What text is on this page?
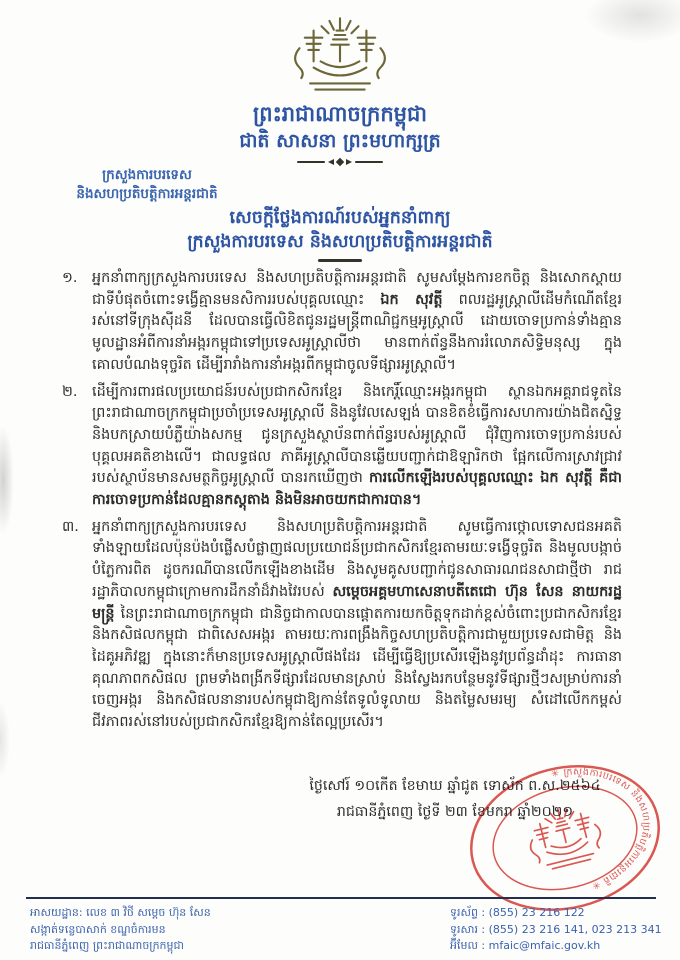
ព្រះរាជាណាចក្រកម្ពុជា
ជាតិ សាសនា ព្រះមហាក្សត្រ
ក្រសួងការបរទេស
និងសហប្រតិបត្តិការអន្តរជាតិ
សេចក្តីថ្លែងការណ៍របស់អ្នកនាំពាក្យ
ក្រសួងការបរទេស និងសហប្រតិបត្តិការអន្តរជាតិ
១.	អ្នកនាំពាក្យក្រសួងការបរទេស និងសហប្រតិបត្តិការអន្តរជាតិ សូមសម្តែងការខកចិត្ត និងសោកស្តាយជាទីបំផុតចំពោះទង្វើគ្មានមនសិការរបស់បុគ្គលឈ្មោះ ឯក សុវត្តី ពលរដ្ឋអូស្ត្រាលីដើមកំណើតខ្មែរ រស់នៅទីក្រុងស៊ីដនី ដែលបានធ្វើលិខិតជូនរដ្ឋមន្ត្រីពាណិជ្ជកម្មអូស្ត្រាលី ដោយចោទប្រកាន់ទាំងគ្មានមូលដ្ឋានអំពីការនាំអង្ករកម្ពុជាទៅប្រទេសអូស្ត្រាលីថា មានពាក់ព័ន្ធនឹងការរំលោភសិទ្ធិមនុស្ស ក្នុងគោលបំណងទុច្ចរិត ដើម្បីរារាំងការនាំអង្ករពីកម្ពុជាចូលទីផ្សារអូស្ត្រាលី។
២.	ដើម្បីការពារផលប្រយោជន៍របស់ប្រជាកសិករខ្មែរ និងកេរ្តិ៍ឈ្មោះអង្ករកម្ពុជា ស្ថានឯកអគ្គរាជទូតនៃព្រះរាជាណាចក្រកម្ពុជាប្រចាំប្រទេសអូស្ត្រាលី និងនូវែលសេឡង់ បានខិតខំធ្វើការសហការយ៉ាងជិតស្និទ្ធ និងបកស្រាយបំភ្លឺយ៉ាងសកម្ម ជូនក្រសួងស្ថាប័នពាក់ព័ន្ធរបស់អូស្ត្រាលី ជុំវិញការចោទប្រកាន់របស់បុគ្គលអគតិខាងលើ។ ជាលទ្ធផល ភាគីអូស្ត្រាលីបានឆ្លើយបញ្ជាក់ជាឱឡារិកថា ផ្អែកលើការស្រាវជ្រាវរបស់ស្ថាប័នមានសមត្ថកិច្ចអូស្ត្រាលី បានរកឃើញថា ការលើកឡើងរបស់បុគ្គលឈ្មោះ ឯក សុវត្តី គឺជាការចោទប្រកាន់ដែលគ្មានកស្តុតាង និងមិនអាចយកជាការបាន។
៣. អ្នកនាំពាក្យក្រសួងការបរទេស និងសហប្រតិបត្តិការអន្តរជាតិ សូមធ្វើការថ្កោលទោសជនអគតិទាំងឡាយដែលប៉ុនប៉ងបំផ្លើសបំផ្លាញផលប្រយោជន៍ប្រជាកសិករខ្មែរតាមរយៈទង្វើទុច្ចរិត និងមូលបង្កាច់បំភ្លៃការពិត ដូចករណីបានលើកឡើងខាងដើម និងសូមគូសបញ្ជាក់ជូនសាធារណជនសាជាថ្មីថា រាជរដ្ឋាភិបាលកម្ពុជាក្រោមការដឹកនាំដ៏វាងវៃរបស់ សម្តេចអគ្គមហាសេនាបតីតេជោ ហ៊ុន សែន នាយករដ្ឋមន្ត្រី នៃព្រះរាជាណាចក្រកម្ពុជា ជានិច្ចជាកាលបានផ្តោតការយកចិត្តទុកដាក់ខ្ពស់ចំពោះប្រជាកសិករខ្មែរ និងកសិផលកម្ពុជា ជាពិសេសអង្ករ តាមរយៈការពង្រឹងកិច្ចសហប្រតិបត្តិការជាមួយប្រទេសជាមិត្ត និងដៃគូអភិវឌ្ឍ ក្នុងនោះក៏មានប្រទេសអូស្ត្រាលីផងដែរ ដើម្បីធ្វើឱ្យប្រសើរឡើងនូវប្រព័ន្ធដាំដុះ ការធានាគុណភាពកសិផល ព្រមទាំងពង្រីកទីផ្សារដែលមានស្រាប់ និងស្វែងរកបន្ថែមនូវទីផ្សារថ្មីៗសម្រាប់ការនាំចេញអង្ករ និងកសិផលនានារបស់កម្ពុជាឱ្យកាន់តែទូលំទូលាយ និងតម្លៃសមរម្យ សំដៅលើកកម្ពស់ជីវភាពរស់នៅរបស់ប្រជាកសិករខ្មែរឱ្យកាន់តែល្អប្រសើរ។
ថ្ងៃសៅរ៍ ១០កើត ខែមាឃ ឆ្នាំជូត ទោស័ក ព.ស.២៥៦៤
រាជធានីភ្នំពេញ ថ្ងៃទី ២៣ ខែមករា ឆ្នាំ២០២១
✳ ក្រសួងការបរទេស និងសហប្រតិបត្តិការអន្តរជាតិ ✳
អាសយដ្ឋាន: លេខ ៣ វិថី សម្តេច ហ៊ុន សែន
សង្កាត់ទន្លេបាសាក់ ខណ្ឌចំការមន
រាជធានីភ្នំពេញ ព្រះរាជាណាចក្រកម្ពុជា
ទូរស័ព្ទ : (855) 23 216 122
ទូរសារ : (855) 23 216 141, 023 213 341
អ៊ីមែល : mfaic@mfaic.gov.kh
